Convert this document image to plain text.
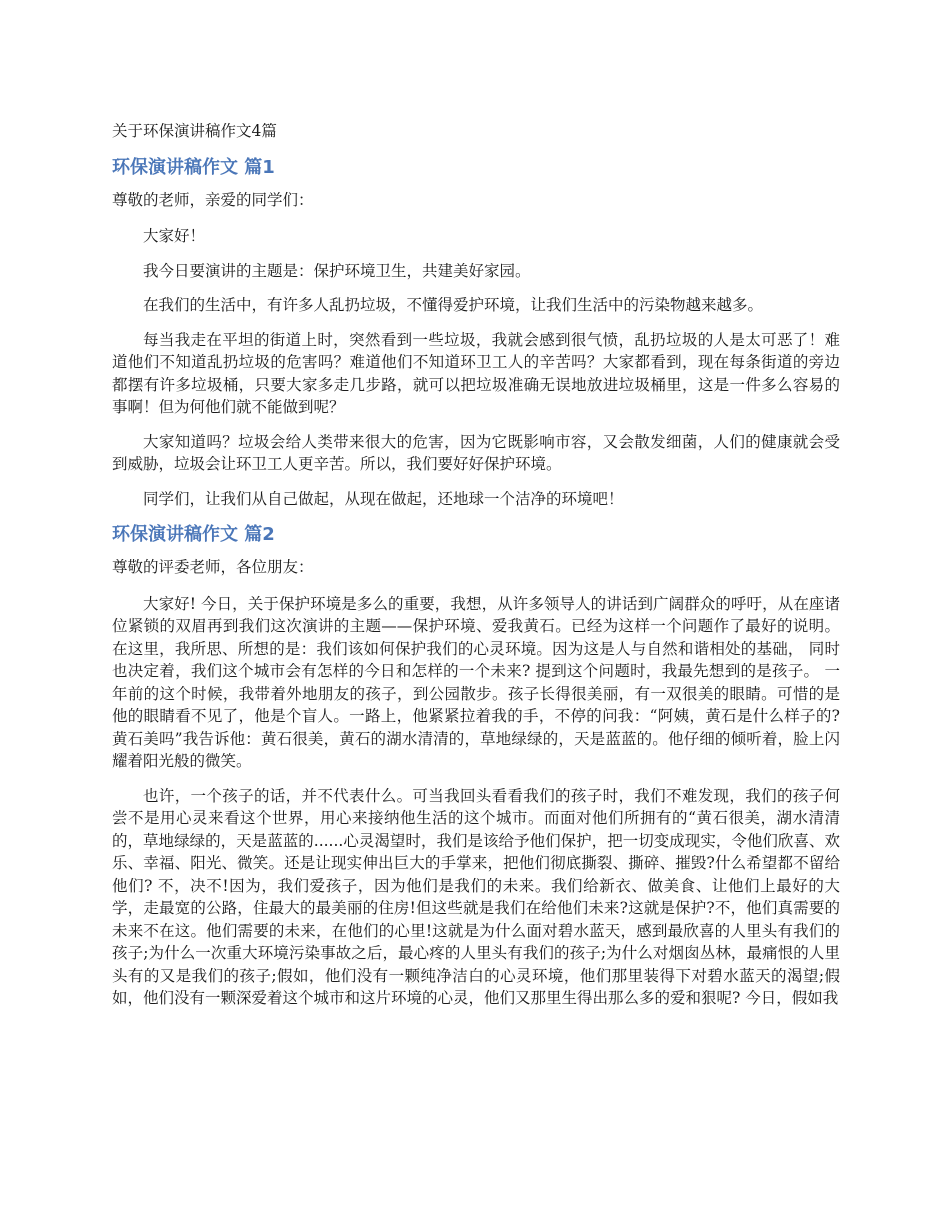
关于环保演讲稿作文4篇

环保演讲稿作文 篇1

尊敬的老师，亲爱的同学们：

大家好！

我今日要演讲的主题是：保护环境卫生，共建美好家园。

在我们的生活中，有许多人乱扔垃圾，不懂得爱护环境，让我们生活中的污染物越来越多。

每当我走在平坦的街道上时，突然看到一些垃圾，我就会感到很气愤，乱扔垃圾的人是太可恶了！难道他们不知道乱扔垃圾的危害吗？难道他们不知道环卫工人的辛苦吗？大家都看到，现在每条街道的旁边都摆有许多垃圾桶，只要大家多走几步路，就可以把垃圾准确无误地放进垃圾桶里，这是一件多么容易的事啊！但为何他们就不能做到呢？

大家知道吗？垃圾会给人类带来很大的危害，因为它既影响市容，又会散发细菌，人们的健康就会受到威胁，垃圾会让环卫工人更辛苦。所以，我们要好好保护环境。

同学们，让我们从自己做起，从现在做起，还地球一个洁净的环境吧！

环保演讲稿作文 篇2

尊敬的评委老师，各位朋友：

大家好! 今日，关于保护环境是多么的重要，我想，从许多领导人的讲话到广阔群众的呼吁，从在座诸位紧锁的双眉再到我们这次演讲的主题——保护环境、爱我黄石。已经为这样一个问题作了最好的说明。在这里，我所思、所想的是：我们该如何保护我们的心灵环境。因为这是人与自然和谐相处的基础， 同时也决定着，我们这个城市会有怎样的今日和怎样的一个未来? 提到这个问题时，我最先想到的是孩子。 一年前的这个时候，我带着外地朋友的孩子，到公园散步。孩子长得很美丽，有一双很美的眼睛。可惜的是他的眼睛看不见了，他是个盲人。一路上，他紧紧拉着我的手，不停的问我：“阿姨，黄石是什么样子的?黄石美吗”我告诉他：黄石很美，黄石的湖水清清的，草地绿绿的，天是蓝蓝的。他仔细的倾听着，脸上闪耀着阳光般的微笑。

也许，一个孩子的话，并不代表什么。可当我回头看看我们的孩子时，我们不难发现，我们的孩子何尝不是用心灵来看这个世界，用心来接纳他生活的这个城市。而面对他们所拥有的“黄石很美，湖水清清的，草地绿绿的，天是蓝蓝的......心灵渴望时，我们是该给予他们保护，把一切变成现实，令他们欣喜、欢乐、幸福、阳光、微笑。还是让现实伸出巨大的手掌来，把他们彻底撕裂、撕碎、摧毁?什么希望都不留给他们? 不，决不!因为，我们爱孩子，因为他们是我们的未来。我们给新衣、做美食、让他们上最好的大学，走最宽的公路，住最大的最美丽的住房!但这些就是我们在给他们未来?这就是保护?不，他们真需要的未来不在这。他们需要的未来，在他们的心里!这就是为什么面对碧水蓝天，感到最欣喜的人里头有我们的孩子;为什么一次重大环境污染事故之后，最心疼的人里头有我们的孩子;为什么对烟囱丛林，最痛恨的人里头有的又是我们的孩子;假如，他们没有一颗纯净洁白的心灵环境，他们那里装得下对碧水蓝天的渴望;假如，他们没有一颗深爱着这个城市和这片环境的心灵，他们又那里生得出那么多的爱和狠呢? 今日，假如我
